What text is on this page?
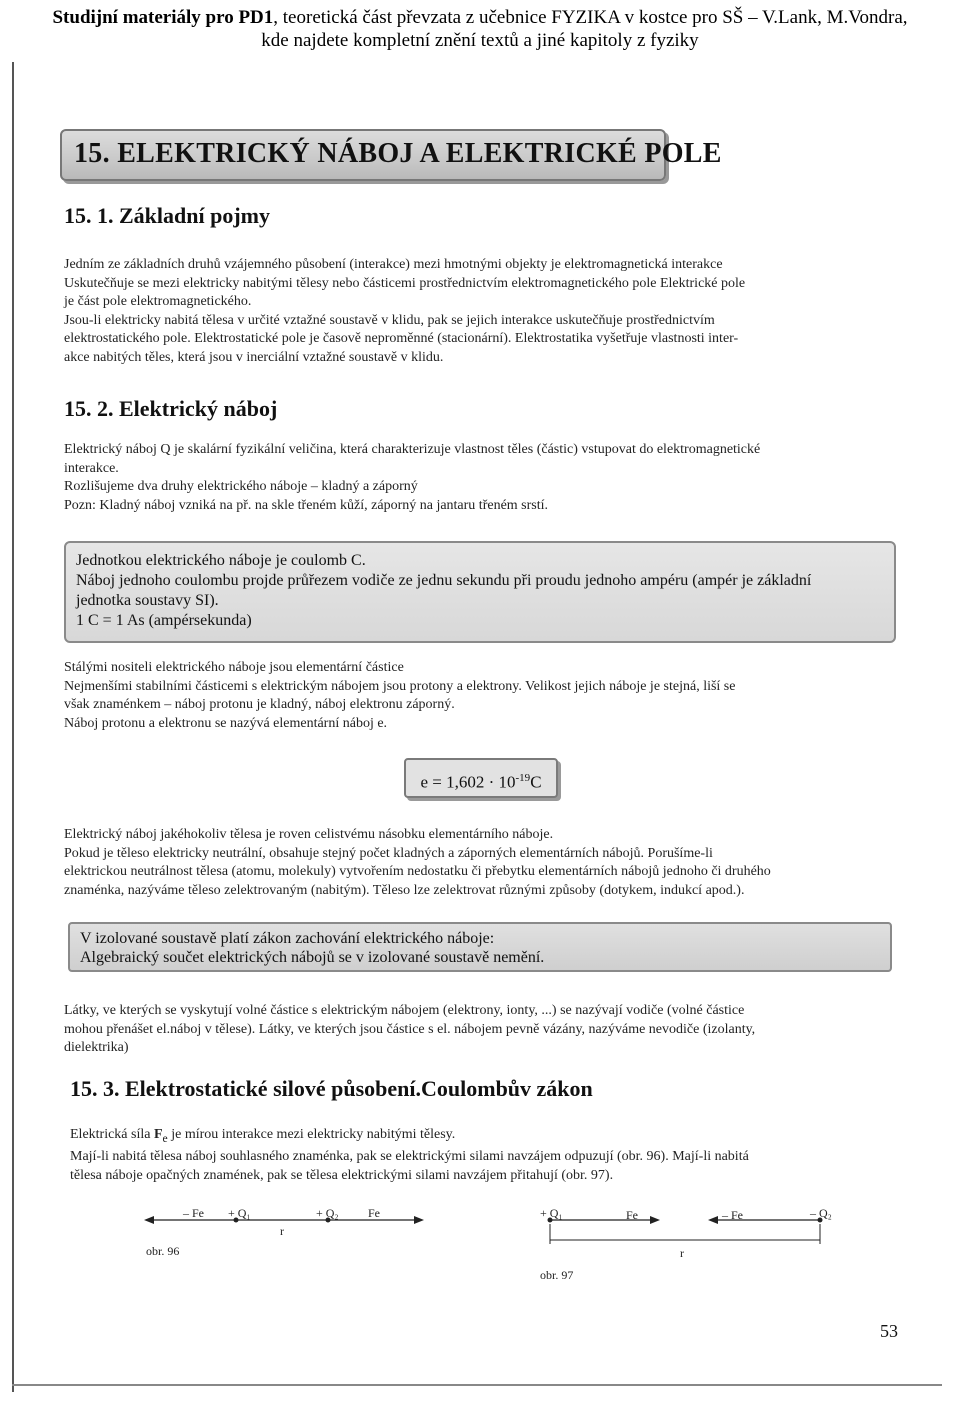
Studijní materiály pro PD1, teoretická část převzata z učebnice FYZIKA v kostce pro SŠ – V.Lank, M.Vondra,
kde najdete kompletní znění textů a jiné kapitoly z fyziky
15. ELEKTRICKÝ NÁBOJ A ELEKTRICKÉ POLE
15. 1. Základní pojmy
Jedním ze základních druhů vzájemného působení (interakce) mezi hmotnými objekty je elektromagnetická interakce
Uskutečňuje se mezi elektricky nabitými tělesy nebo částicemi prostřednictvím elektromagnetického pole Elektrické pole
je část pole elektromagnetického.
Jsou-li elektricky nabitá tělesa v určité vztažné soustavě v klidu, pak se jejich interakce uskutečňuje prostřednictvím
elektrostatického pole. Elektrostatické pole je časově neproměnné (stacionární). Elektrostatika vyšetřuje vlastnosti inter-
akce nabitých těles, která jsou v inerciální vztažné soustavě v klidu.
15. 2. Elektrický náboj
Elektrický náboj Q je skalární fyzikální veličina, která charakterizuje vlastnost těles (částic) vstupovat do elektromagnetické
interakce.
Rozlišujeme dva druhy elektrického náboje – kladný a záporný
Pozn: Kladný náboj vzniká na př. na skle třeném kůží, záporný na jantaru třeném srstí.
Jednotkou elektrického náboje je coulomb C.
Náboj jednoho coulombu projde průřezem vodiče ze jednu sekundu při proudu jednoho ampéru (ampér je základní
jednotka soustavy SI).
1 C = 1 As (ampérsekunda)
Stálými nositeli elektrického náboje jsou elementární částice
Nejmenšími stabilními částicemi s elektrickým nábojem jsou protony a elektrony. Velikost jejich náboje je stejná, liší se
však znaménkem – náboj protonu je kladný, náboj elektronu záporný.
Náboj protonu a elektronu se nazývá elementární náboj e.
$e = 1,602 \cdot 10^{-19}C$
Elektrický náboj jakéhokoliv tělesa je roven celistvému násobku elementárního náboje.
Pokud je těleso elektricky neutrální, obsahuje stejný počet kladných a záporných elementárních nábojů. Porušíme-li
elektrickou neutrálnost tělesa (atomu, molekuly) vytvořením nedostatku či přebytku elementárních nábojů jednoho či druhého
znaménka, nazýváme těleso zelektrovaným (nabitým). Těleso lze zelektrovat různými způsoby (dotykem, indukcí apod.).
V izolované soustavě platí zákon zachování elektrického náboje:
Algebraický součet elektrických nábojů se v izolované soustavě nemění.
Látky, ve kterých se vyskytují volné částice s elektrickým nábojem (elektrony, ionty, ...) se nazývají vodiče (volné částice
mohou přenášet el.náboj v tělese). Látky, ve kterých jsou částice s el. nábojem pevně vázány, nazýváme nevodiče (izolanty,
dielektrika)
15. 3. Elektrostatické silové působení.Coulombův zákon
Elektrická síla $F_e$ je mírou interakce mezi elektricky nabitými tělesy.
Mají-li nabitá tělesa náboj souhlasného znaménka, pak se elektrickými silami navzájem odpuzují (obr. 96). Mají-li nabitá
tělesa náboje opačných znamének, pak se tělesa elektrickými silami navzájem přitahují (obr. 97).
– Fe + Q₁	+ Q₂ Fe
r
obr. 96
+ Q₁	Fe	– Fe	– Q₂
r
obr. 97
53
